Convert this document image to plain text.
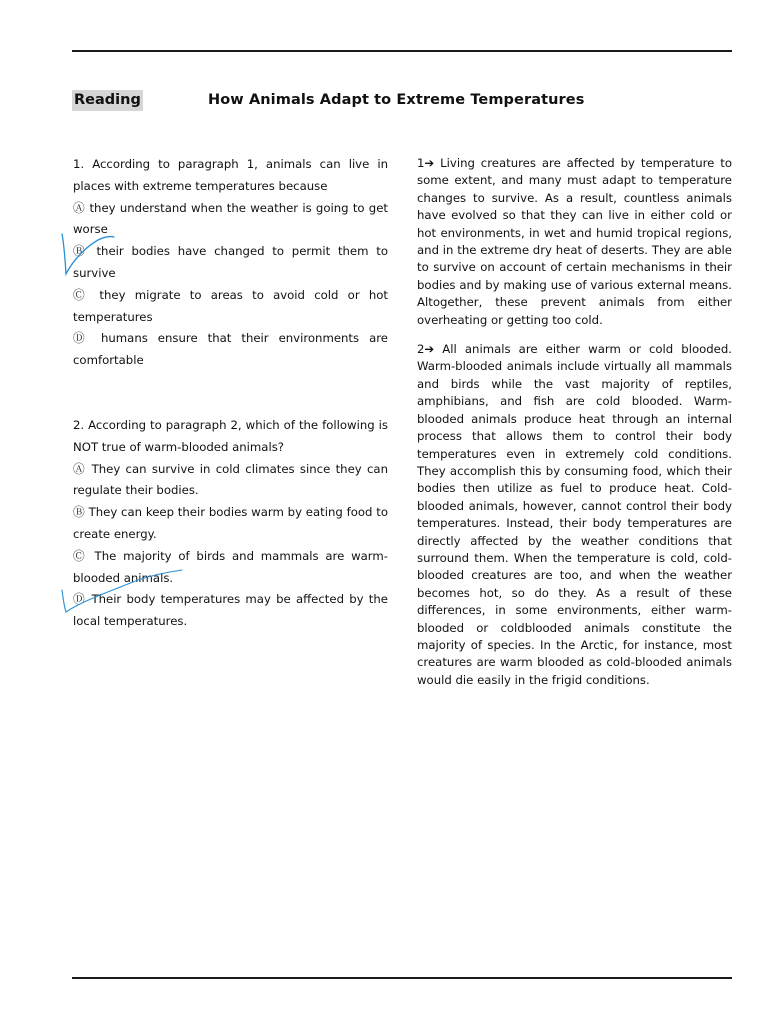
Reading	How Animals Adapt to Extreme Temperatures

1. According to paragraph 1, animals can live in places with extreme temperatures because

Ⓐ they understand when the weather is going to get worse

Ⓑ their bodies have changed to permit them to survive

Ⓒ they migrate to areas to avoid cold or hot temperatures

Ⓓ humans ensure that their environments are comfortable

2. According to paragraph 2, which of the following is NOT true of warm-blooded animals?

Ⓐ They can survive in cold climates since they can regulate their bodies.

Ⓑ They can keep their bodies warm by eating food to create energy.

Ⓒ The majority of birds and mammals are warm-blooded animals.

Ⓓ Their body temperatures may be affected by the local temperatures.

1➔ Living creatures are affected by temperature to some extent, and many must adapt to temperature changes to survive. As a result, countless animals have evolved so that they can live in either cold or hot environments, in wet and humid tropical regions, and in the extreme dry heat of deserts. They are able to survive on account of certain mechanisms in their bodies and by making use of various external means. Altogether, these prevent animals from either overheating or getting too cold.

2➔ All animals are either warm or cold blooded. Warm-blooded animals include virtually all mammals and birds while the vast majority of reptiles, amphibians, and fish are cold blooded. Warm-blooded animals produce heat through an internal process that allows them to control their body temperatures even in extremely cold conditions. They accomplish this by consuming food, which their bodies then utilize as fuel to produce heat. Cold-blooded animals, however, cannot control their body temperatures. Instead, their body temperatures are directly affected by the weather conditions that surround them. When the temperature is cold, cold-blooded creatures are too, and when the weather becomes hot, so do they. As a result of these differences, in some environments, either warm-blooded or coldblooded animals constitute the majority of species. In the Arctic, for instance, most creatures are warm blooded as cold-blooded animals would die easily in the frigid conditions.
